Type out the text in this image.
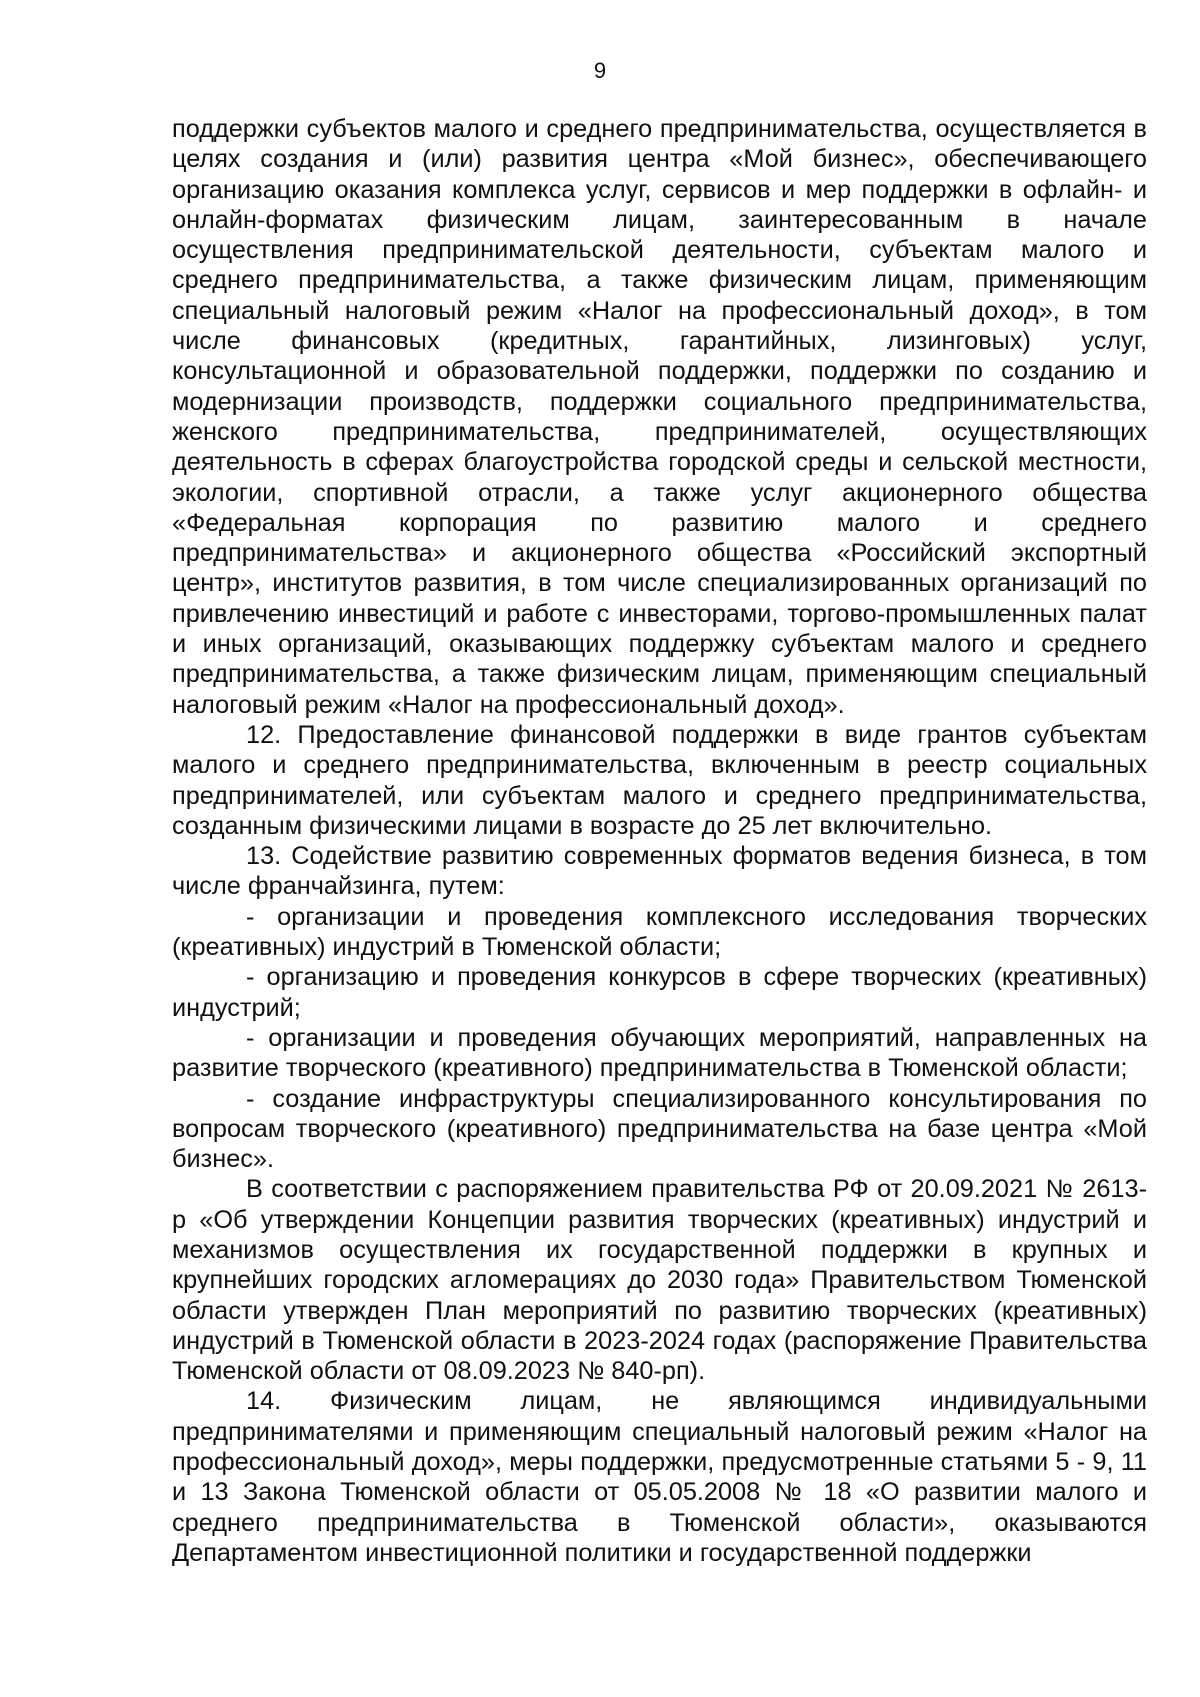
9

поддержки субъектов малого и среднего предпринимательства, осуществляется в целях создания и (или) развития центра «Мой бизнес», обеспечивающего организацию оказания комплекса услуг, сервисов и мер поддержки в офлайн- и онлайн-форматах физическим лицам, заинтересованным в начале осуществления предпринимательской деятельности, субъектам малого и среднего предпринимательства, а также физическим лицам, применяющим специальный налоговый режим «Налог на профессиональный доход», в том числе финансовых (кредитных, гарантийных, лизинговых) услуг, консультационной и образовательной поддержки, поддержки по созданию и модернизации производств, поддержки социального предпринимательства, женского предпринимательства, предпринимателей, осуществляющих деятельность в сферах благоустройства городской среды и сельской местности, экологии, спортивной отрасли, а также услуг акционерного общества «Федеральная корпорация по развитию малого и среднего предпринимательства» и акционерного общества «Российский экспортный центр», институтов развития, в том числе специализированных организаций по привлечению инвестиций и работе с инвесторами, торгово-промышленных палат и иных организаций, оказывающих поддержку субъектам малого и среднего предпринимательства, а также физическим лицам, применяющим специальный налоговый режим «Налог на профессиональный доход».

12. Предоставление финансовой поддержки в виде грантов субъектам малого и среднего предпринимательства, включенным в реестр социальных предпринимателей, или субъектам малого и среднего предпринимательства, созданным физическими лицами в возрасте до 25 лет включительно.

13. Содействие развитию современных форматов ведения бизнеса, в том числе франчайзинга, путем:

- организации и проведения комплексного исследования творческих (креативных) индустрий в Тюменской области;

- организацию и проведения конкурсов в сфере творческих (креативных) индустрий;

- организации и проведения обучающих мероприятий, направленных на развитие творческого (креативного) предпринимательства в Тюменской области;

- создание инфраструктуры специализированного консультирования по вопросам творческого (креативного) предпринимательства на базе центра «Мой бизнес».

В соответствии с распоряжением правительства РФ от 20.09.2021 № 2613-р «Об утверждении Концепции развития творческих (креативных) индустрий и механизмов осуществления их государственной поддержки в крупных и крупнейших городских агломерациях до 2030 года» Правительством Тюменской области утвержден План мероприятий по развитию творческих (креативных) индустрий в Тюменской области в 2023-2024 годах (распоряжение Правительства Тюменской области от 08.09.2023 № 840-рп).

14. Физическим лицам, не являющимся индивидуальными предпринимателями и применяющим специальный налоговый режим «Налог на профессиональный доход», меры поддержки, предусмотренные статьями 5 - 9, 11 и 13 Закона Тюменской области от 05.05.2008 № 18 «О развитии малого и среднего предпринимательства в Тюменской области», оказываются Департаментом инвестиционной политики и государственной поддержки
